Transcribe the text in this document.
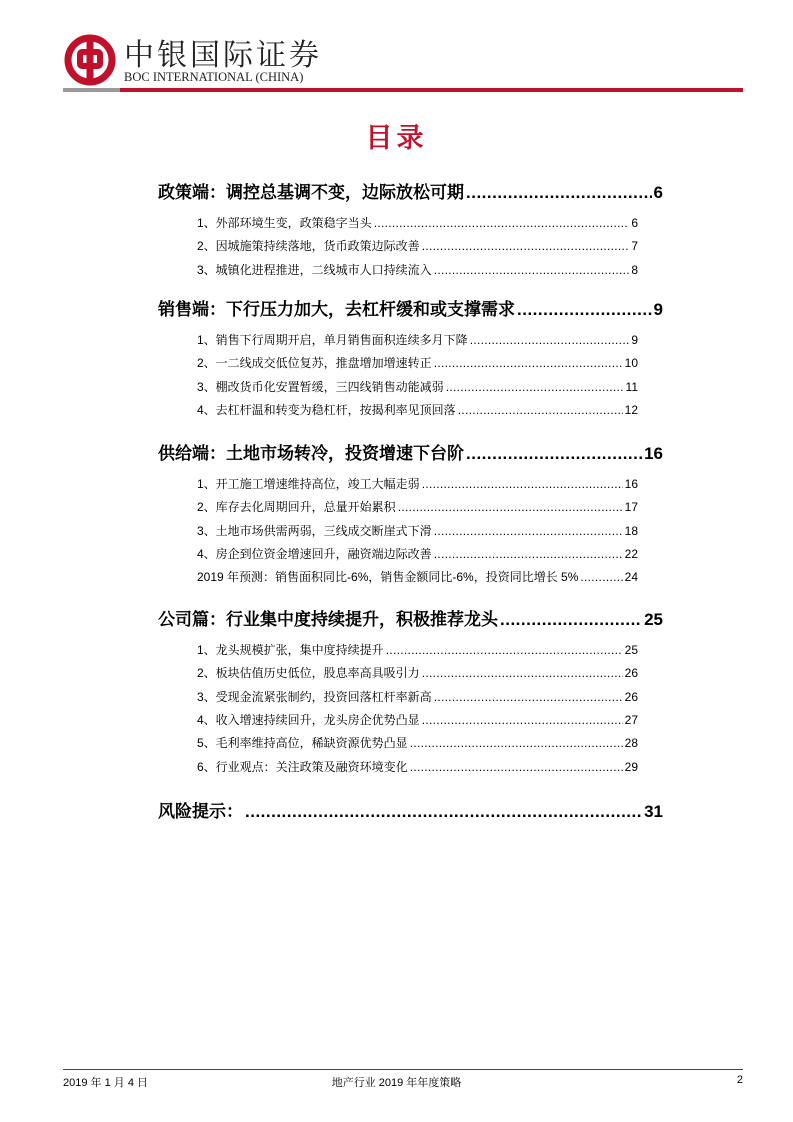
中银国际证券
BOC INTERNATIONAL (CHINA)
目录
政策端：调控总基调不变，边际放松可期 .....	6
1、外部环境生变，政策稳字当头 .....	6
2、因城施策持续落地，货币政策边际改善 .....	7
3、城镇化进程推进，二线城市人口持续流入 .....	8
销售端：下行压力加大，去杠杆缓和或支撑需求 .....	9
1、销售下行周期开启，单月销售面积连续多月下降 .....	9
2、一二线成交低位复苏，推盘增加增速转正 .....	10
3、棚改货币化安置暂缓，三四线销售动能减弱 .....	11
4、去杠杆温和转变为稳杠杆，按揭利率见顶回落 .....	12
供给端：土地市场转冷，投资增速下台阶 .....	16
1、开工施工增速维持高位，竣工大幅走弱 .....	16
2、库存去化周期回升，总量开始累积 .....	17
3、土地市场供需两弱，三线成交断崖式下滑 .....	18
4、房企到位资金增速回升，融资端边际改善 .....	22
2019 年预测：销售面积同比-6%，销售金额同比-6%，投资同比增长 5% .....	24
公司篇：行业集中度持续提升，积极推荐龙头 .....	25
1、龙头规模扩张，集中度持续提升 .....	25
2、板块估值历史低位，股息率高具吸引力 .....	26
3、受现金流紧张制约，投资回落杠杆率新高 .....	26
4、收入增速持续回升，龙头房企优势凸显 .....	27
5、毛利率维持高位，稀缺资源优势凸显 .....	28
6、行业观点：关注政策及融资环境变化 .....	29
风险提示： .....	31
2019 年 1 月 4 日	地产行业 2019 年年度策略	2
